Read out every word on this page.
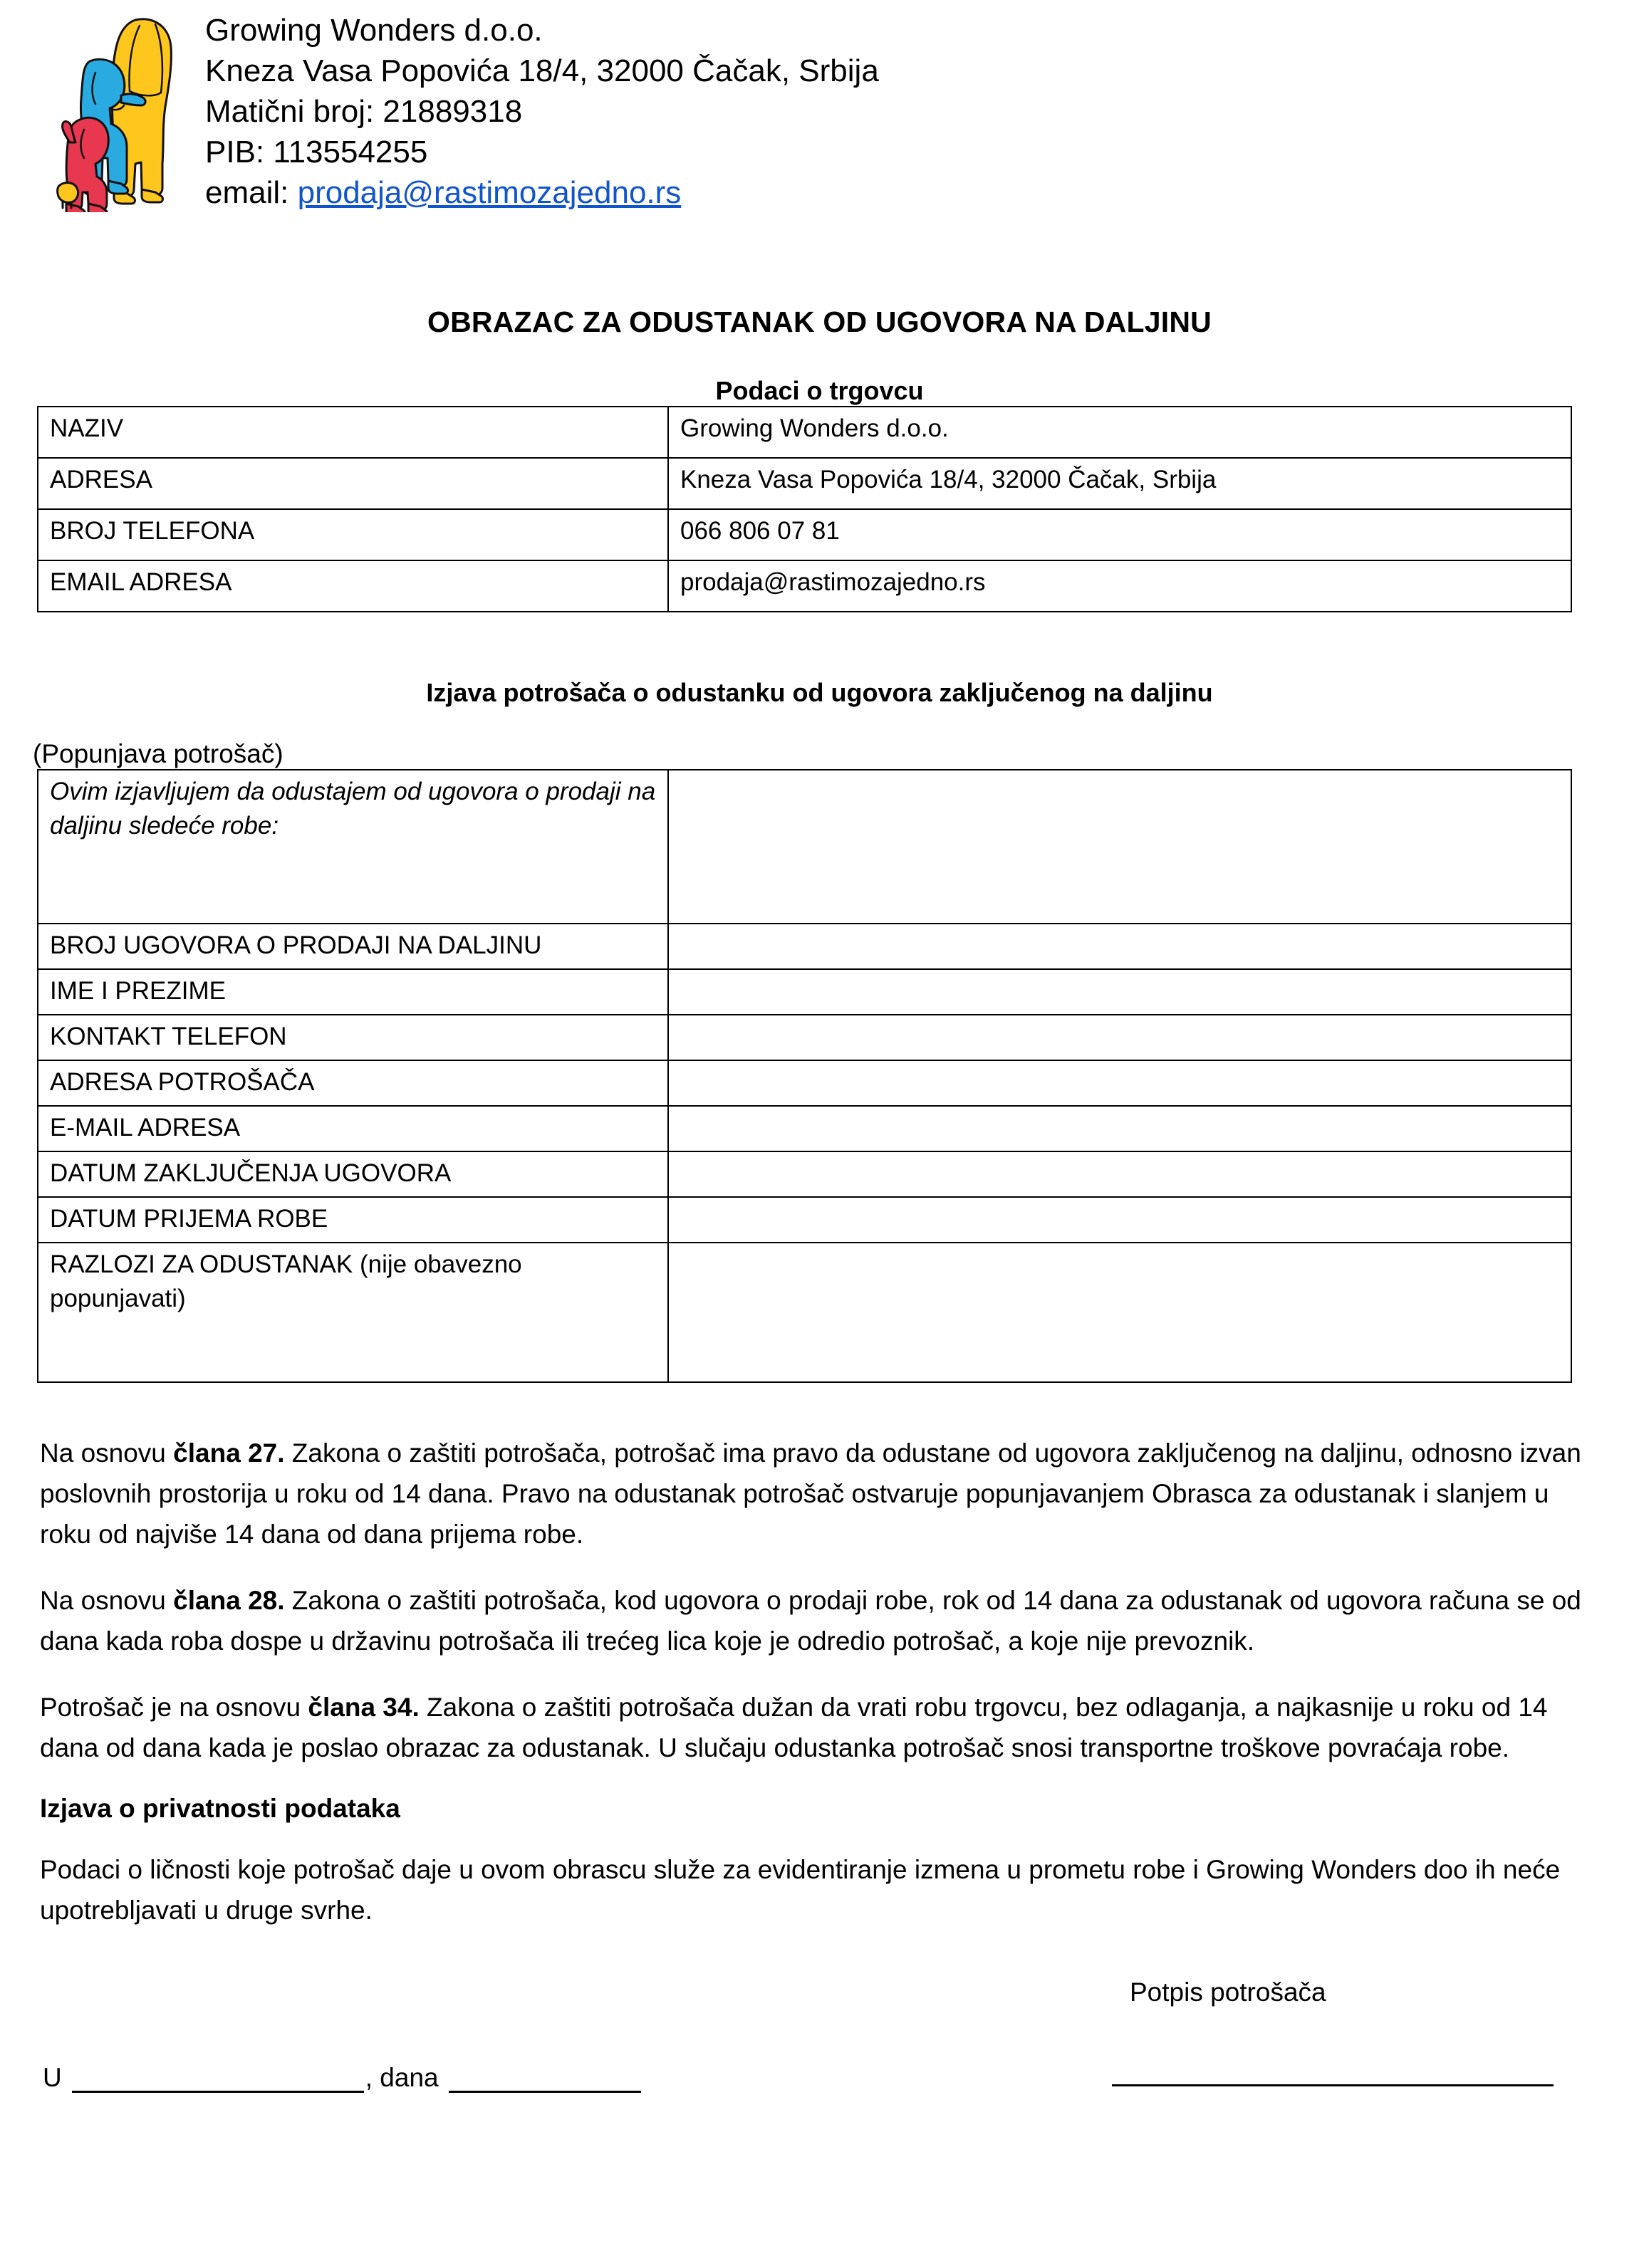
Growing Wonders d.o.o.
Kneza Vasa Popovića 18/4, 32000 Čačak, Srbija
Matični broj: 21889318
PIB: 113554255
email: prodaja@rastimozajedno.rs
OBRAZAC ZA ODUSTANAK OD UGOVORA NA DALJINU
Podaci o trgovcu
NAZIV	Growing Wonders d.o.o.
ADRESA	Kneza Vasa Popovića 18/4, 32000 Čačak, Srbija
BROJ TELEFONA	066 806 07 81
EMAIL ADRESA	prodaja@rastimozajedno.rs
Izjava potrošača o odustanku od ugovora zaključenog na daljinu
(Popunjava potrošač)
Ovim izjavljujem da odustajem od ugovora o prodaji na daljinu sledeće robe:	
BROJ UGOVORA O PRODAJI NA DALJINU	
IME I PREZIME	
KONTAKT TELEFON	
ADRESA POTROŠAČA	
E-MAIL ADRESA	
DATUM ZAKLJUČENJA UGOVORA	
DATUM PRIJEMA ROBE	
RAZLOZI ZA ODUSTANAK (nije obavezno popunjavati)	

Na osnovu člana 27. Zakona o zaštiti potrošača, potrošač ima pravo da odustane od ugovora zaključenog na daljinu, odnosno izvan poslovnih prostorija u roku od 14 dana. Pravo na odustanak potrošač ostvaruje popunjavanjem Obrasca za odustanak i slanjem u roku od najviše 14 dana od dana prijema robe.

Na osnovu člana 28. Zakona o zaštiti potrošača, kod ugovora o prodaji robe, rok od 14 dana za odustanak od ugovora računa se od dana kada roba dospe u državinu potrošača ili trećeg lica koje je odredio potrošač, a koje nije prevoznik.

Potrošač je na osnovu člana 34. Zakona o zaštiti potrošača dužan da vrati robu trgovcu, bez odlaganja, a najkasnije u roku od 14 dana od dana kada je poslao obrazac za odustanak. U slučaju odustanka potrošač snosi transportne troškove povraćaja robe.

Izjava o privatnosti podataka

Podaci o ličnosti koje potrošač daje u ovom obrascu služe za evidentiranje izmena u prometu robe i Growing Wonders doo ih neće upotrebljavati u druge svrhe.

Potpis potrošača
U	, dana
